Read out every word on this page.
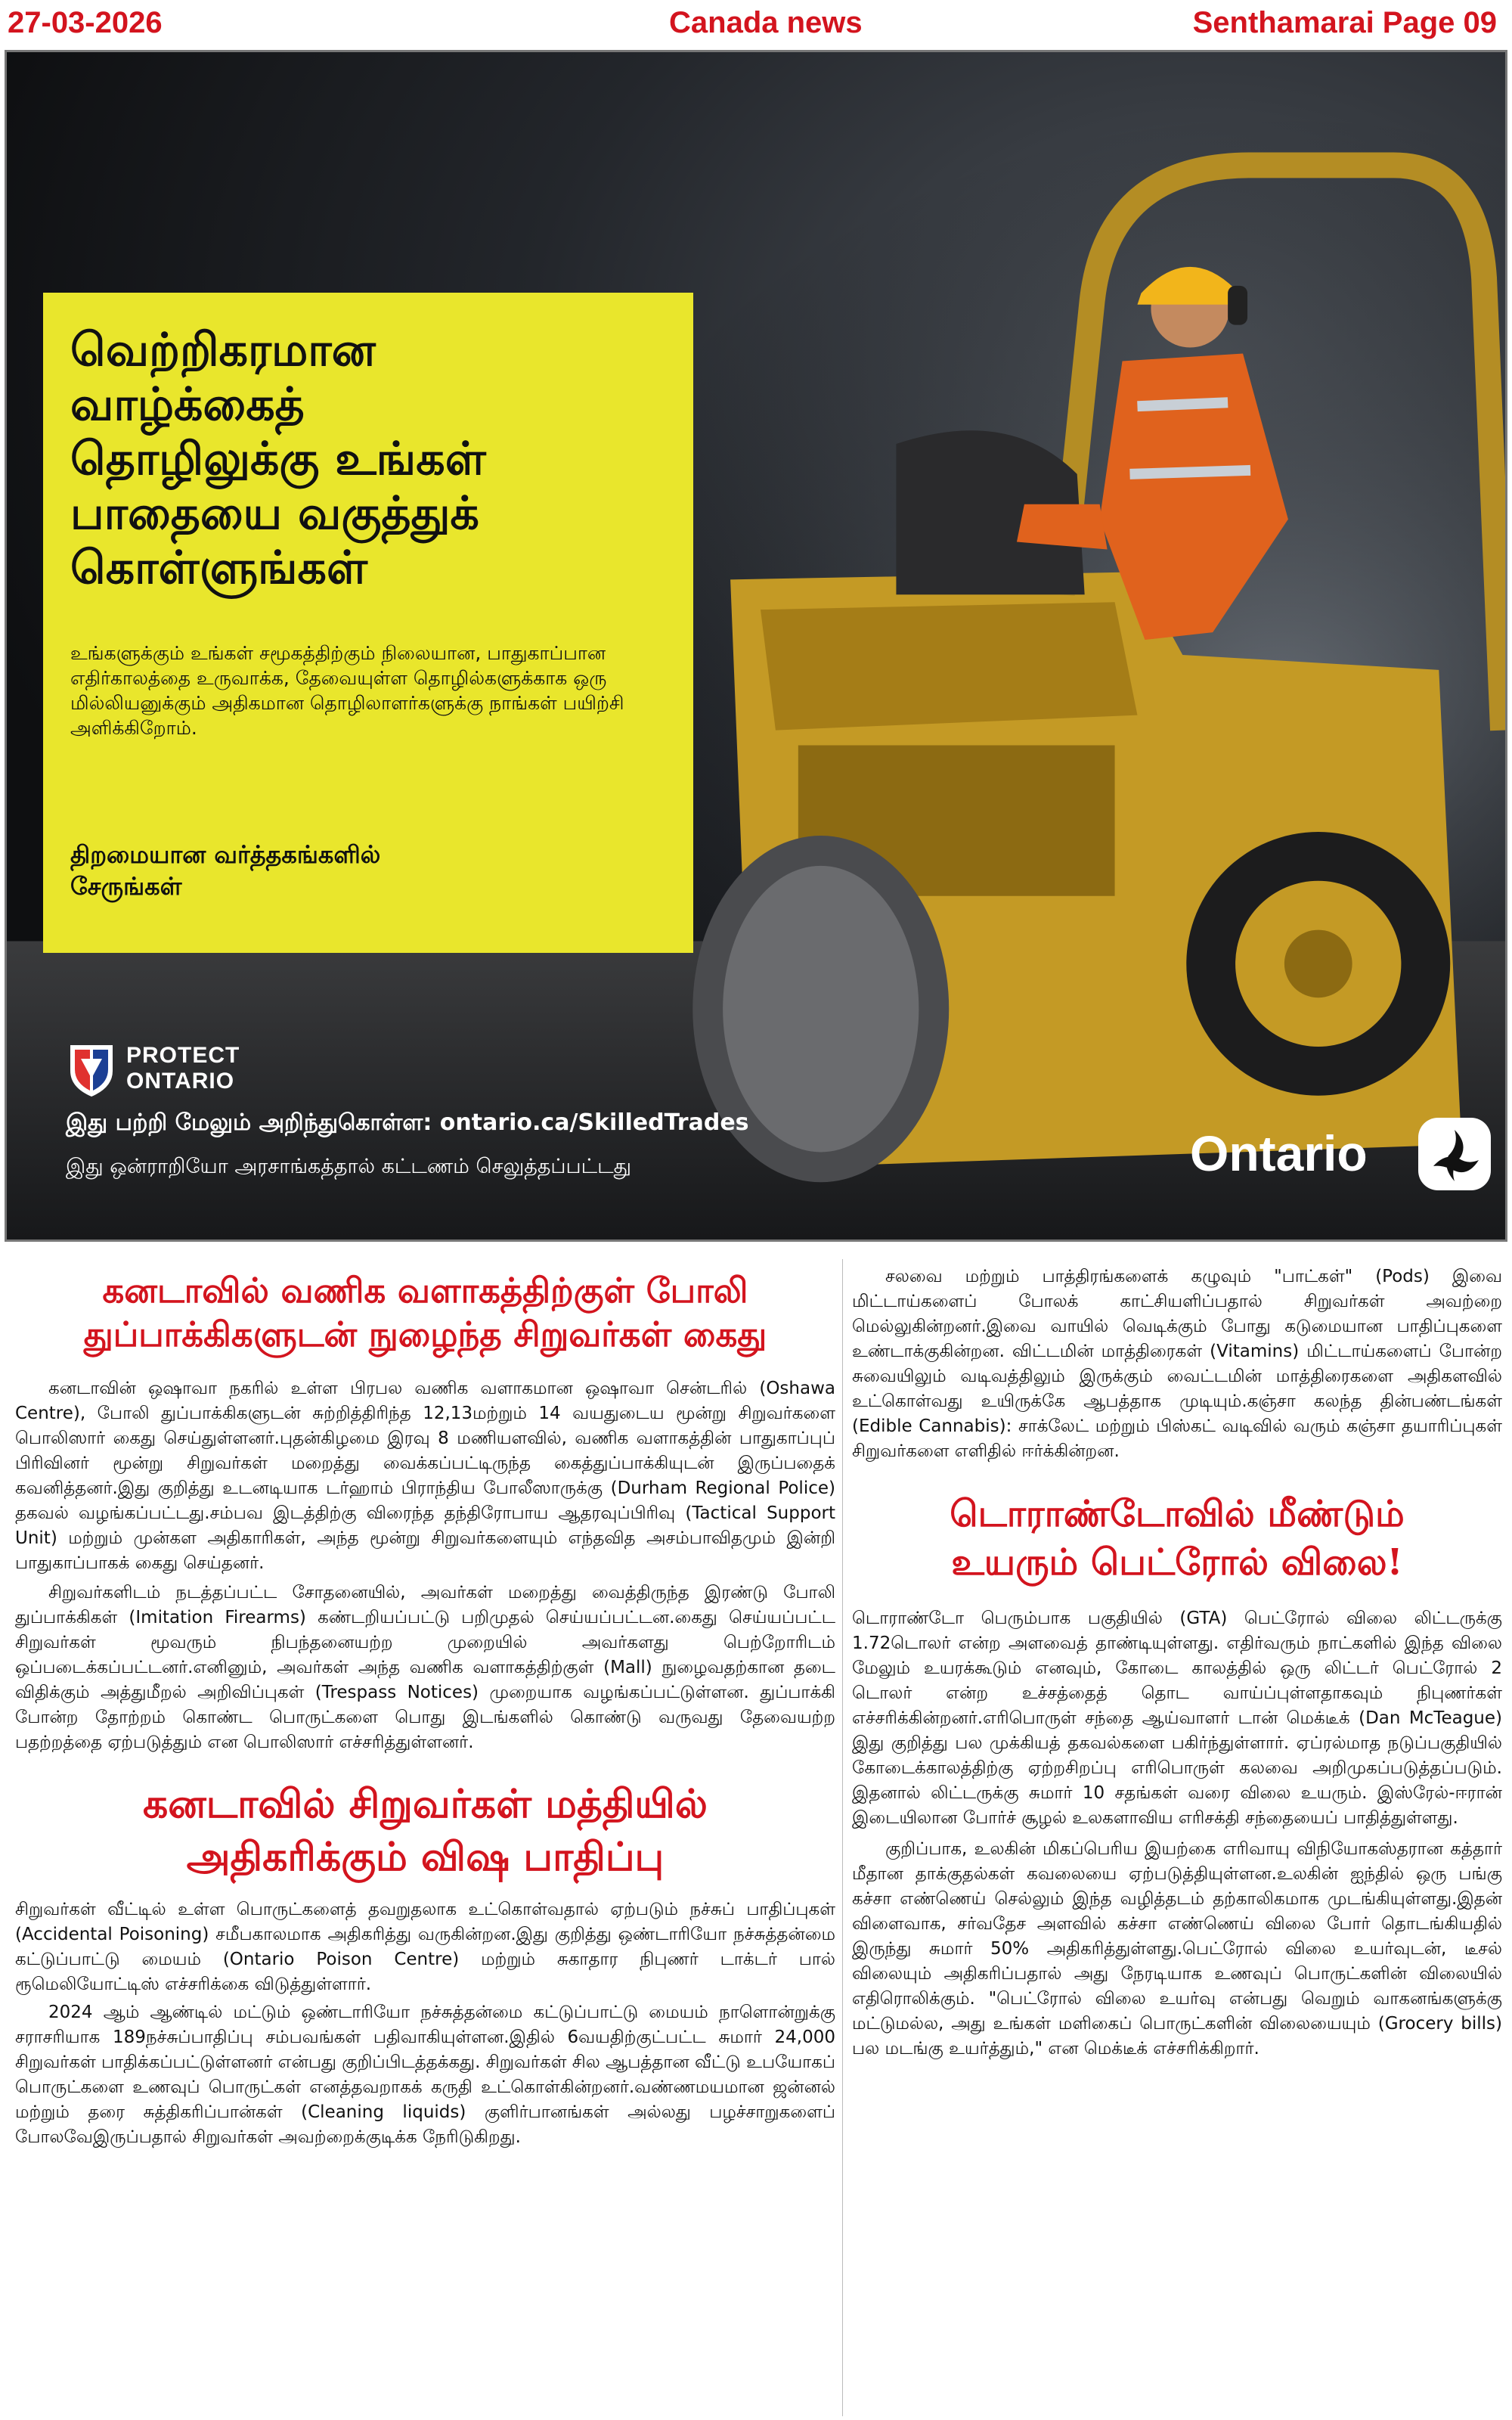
27-03-2026	Canada news	Senthamarai Page 09
வெற்றிகரமான
வாழ்க்கைத்
தொழிலுக்கு உங்கள்
பாதையை வகுத்துக்
கொள்ளுங்கள்
உங்களுக்கும் உங்கள் சமூகத்திற்கும் நிலையான, பாதுகாப்பான எதிர்காலத்தை உருவாக்க, தேவையுள்ள தொழில்களுக்காக ஒரு மில்லியனுக்கும் அதிகமான தொழிலாளர்களுக்கு நாங்கள் பயிற்சி அளிக்கிறோம்.
திறமையான வர்த்தகங்களில்
சேருங்கள்
PROTECT
ONTARIO
இது பற்றி மேலும் அறிந்துகொள்ள: ontario.ca/SkilledTrades
இது ஒன்ராறியோ அரசாங்கத்தால் கட்டணம் செலுத்தப்பட்டது	Ontario
கனடாவில் வணிக வளாகத்திற்குள் போலி துப்பாக்கிகளுடன் நுழைந்த சிறுவர்கள் கைது

கனடாவின் ஒஷாவா நகரில் உள்ள பிரபல வணிக வளாகமான ஒஷாவா சென்டரில் (Oshawa Centre), போலி துப்பாக்கிகளுடன் சுற்றித்திரிந்த 12,13மற்றும் 14 வயதுடைய மூன்று சிறுவர்களை பொலிஸார் கைது செய்துள்ளனர்.புதன்கிழமை இரவு 8 மணியளவில், வணிக வளாகத்தின் பாதுகாப்புப் பிரிவினர் மூன்று சிறுவர்கள் மறைத்து வைக்கப்பட்டிருந்த கைத்துப்பாக்கியுடன் இருப்பதைக் கவனித்தனர்.இது குறித்து உடனடியாக டர்ஹாம் பிராந்திய போலீஸாருக்கு (Durham Regional Police) தகவல் வழங்கப்பட்டது.சம்பவ இடத்திற்கு விரைந்த தந்திரோபாய ஆதரவுப்பிரிவு (Tactical Support Unit) மற்றும் முன்கள அதிகாரிகள், அந்த மூன்று சிறுவர்களையும் எந்தவித அசம்பாவிதமும் இன்றி பாதுகாப்பாகக் கைது செய்தனர்.

சிறுவர்களிடம் நடத்தப்பட்ட சோதனையில், அவர்கள் மறைத்து வைத்திருந்த இரண்டு போலி துப்பாக்கிகள் (Imitation Firearms) கண்டறியப்பட்டு பறிமுதல் செய்யப்பட்டன.கைது செய்யப்பட்ட சிறுவர்கள் மூவரும் நிபந்தனையற்ற முறையில் அவர்களது பெற்றோரிடம் ஒப்படைக்கப்பட்டனர்.எனினும், அவர்கள் அந்த வணிக வளாகத்திற்குள் (Mall) நுழைவதற்கான தடை விதிக்கும் அத்துமீறல் அறிவிப்புகள் (Trespass Notices) முறையாக வழங்கப்பட்டுள்ளன. துப்பாக்கி போன்ற தோற்றம் கொண்ட பொருட்களை பொது இடங்களில் கொண்டு வருவது தேவையற்ற பதற்றத்தை ஏற்படுத்தும் என பொலிஸார் எச்சரித்துள்ளனர்.

கனடாவில் சிறுவர்கள் மத்தியில் அதிகரிக்கும் விஷ பாதிப்பு

சிறுவர்கள் வீட்டில் உள்ள பொருட்களைத் தவறுதலாக உட்கொள்வதால் ஏற்படும் நச்சுப் பாதிப்புகள் (Accidental Poisoning) சமீபகாலமாக அதிகரித்து வருகின்றன.இது குறித்து ஒண்டாரியோ நச்சுத்தன்மை கட்டுப்பாட்டு மையம் (Ontario Poison Centre) மற்றும் சுகாதார நிபுணர் டாக்டர் பால் ரூமெலியோட்டிஸ் எச்சரிக்கை விடுத்துள்ளார்.

2024 ஆம் ஆண்டில் மட்டும் ஒண்டாரியோ நச்சுத்தன்மை கட்டுப்பாட்டு மையம் நாளொன்றுக்கு சராசரியாக 189நச்சுப்பாதிப்பு சம்பவங்கள் பதிவாகியுள்ளன.இதில் 6வயதிற்குட்பட்ட சுமார் 24,000 சிறுவர்கள் பாதிக்கப்பட்டுள்ளனர் என்பது குறிப்பிடத்தக்கது. சிறுவர்கள் சில ஆபத்தான வீட்டு உபயோகப் பொருட்களை உணவுப் பொருட்கள் எனத்தவறாகக் கருதி உட்கொள்கின்றனர்.வண்ணமயமான ஜன்னல் மற்றும் தரை சுத்திகரிப்பான்கள் (Cleaning liquids) குளிர்பானங்கள் அல்லது பழச்சாறுகளைப் போலவேஇருப்பதால் சிறுவர்கள் அவற்றைக்குடிக்க நேரிடுகிறது.

சலவை மற்றும் பாத்திரங்களைக் கழுவும் "பாட்கள்" (Pods) இவை மிட்டாய்களைப் போலக் காட்சியளிப்பதால் சிறுவர்கள் அவற்றை மெல்லுகின்றனர்.இவை வாயில் வெடிக்கும் போது கடுமையான பாதிப்புகளை உண்டாக்குகின்றன. விட்டமின் மாத்திரைகள் (Vitamins) மிட்டாய்களைப் போன்ற சுவையிலும் வடிவத்திலும் இருக்கும் வைட்டமின் மாத்திரைகளை அதிகளவில் உட்கொள்வது உயிருக்கே ஆபத்தாக முடியும்.கஞ்சா கலந்த தின்பண்டங்கள் (Edible Cannabis): சாக்லேட் மற்றும் பிஸ்கட் வடிவில் வரும் கஞ்சா தயாரிப்புகள் சிறுவர்களை எளிதில் ஈர்க்கின்றன.

டொராண்டோவில் மீண்டும் உயரும் பெட்ரோல் விலை!

டொராண்டோ பெரும்பாக பகுதியில் (GTA) பெட்ரோல் விலை லிட்டருக்கு 1.72டொலர் என்ற அளவைத் தாண்டியுள்ளது. எதிர்வரும் நாட்களில் இந்த விலை மேலும் உயரக்கூடும் எனவும், கோடை காலத்தில் ஒரு லிட்டர் பெட்ரோல் 2 டொலர் என்ற உச்சத்தைத் தொட வாய்ப்புள்ளதாகவும் நிபுணர்கள் எச்சரிக்கின்றனர்.எரிபொருள் சந்தை ஆய்வாளர் டான் மெக்டீக் (Dan McTeague) இது குறித்து பல முக்கியத் தகவல்களை பகிர்ந்துள்ளார். ஏப்ரல்மாத நடுப்பகுதியில் கோடைக்காலத்திற்கு ஏற்றசிறப்பு எரிபொருள் கலவை அறிமுகப்படுத்தப்படும். இதனால் லிட்டருக்கு சுமார் 10 சதங்கள் வரை விலை உயரும். இஸ்ரேல்-ஈரான் இடையிலான போர்ச் சூழல் உலகளாவிய எரிசக்தி சந்தையைப் பாதித்துள்ளது.

குறிப்பாக, உலகின் மிகப்பெரிய இயற்கை எரிவாயு விநியோகஸ்தரான கத்தார் மீதான தாக்குதல்கள் கவலையை ஏற்படுத்தியுள்ளன.உலகின் ஐந்தில் ஒரு பங்கு கச்சா எண்ணெய் செல்லும் இந்த வழித்தடம் தற்காலிகமாக முடங்கியுள்ளது.இதன் விளைவாக, சர்வதேச அளவில் கச்சா எண்ணெய் விலை போர் தொடங்கியதில் இருந்து சுமார் 50% அதிகரித்துள்ளது.பெட்ரோல் விலை உயர்வுடன், டீசல் விலையும் அதிகரிப்பதால் அது நேரடியாக உணவுப் பொருட்களின் விலையில் எதிரொலிக்கும். "பெட்ரோல் விலை உயர்வு என்பது வெறும் வாகனங்களுக்கு மட்டுமல்ல, அது உங்கள் மளிகைப் பொருட்களின் விலையையும் (Grocery bills) பல மடங்கு உயர்த்தும்," என மெக்டீக் எச்சரிக்கிறார்.
